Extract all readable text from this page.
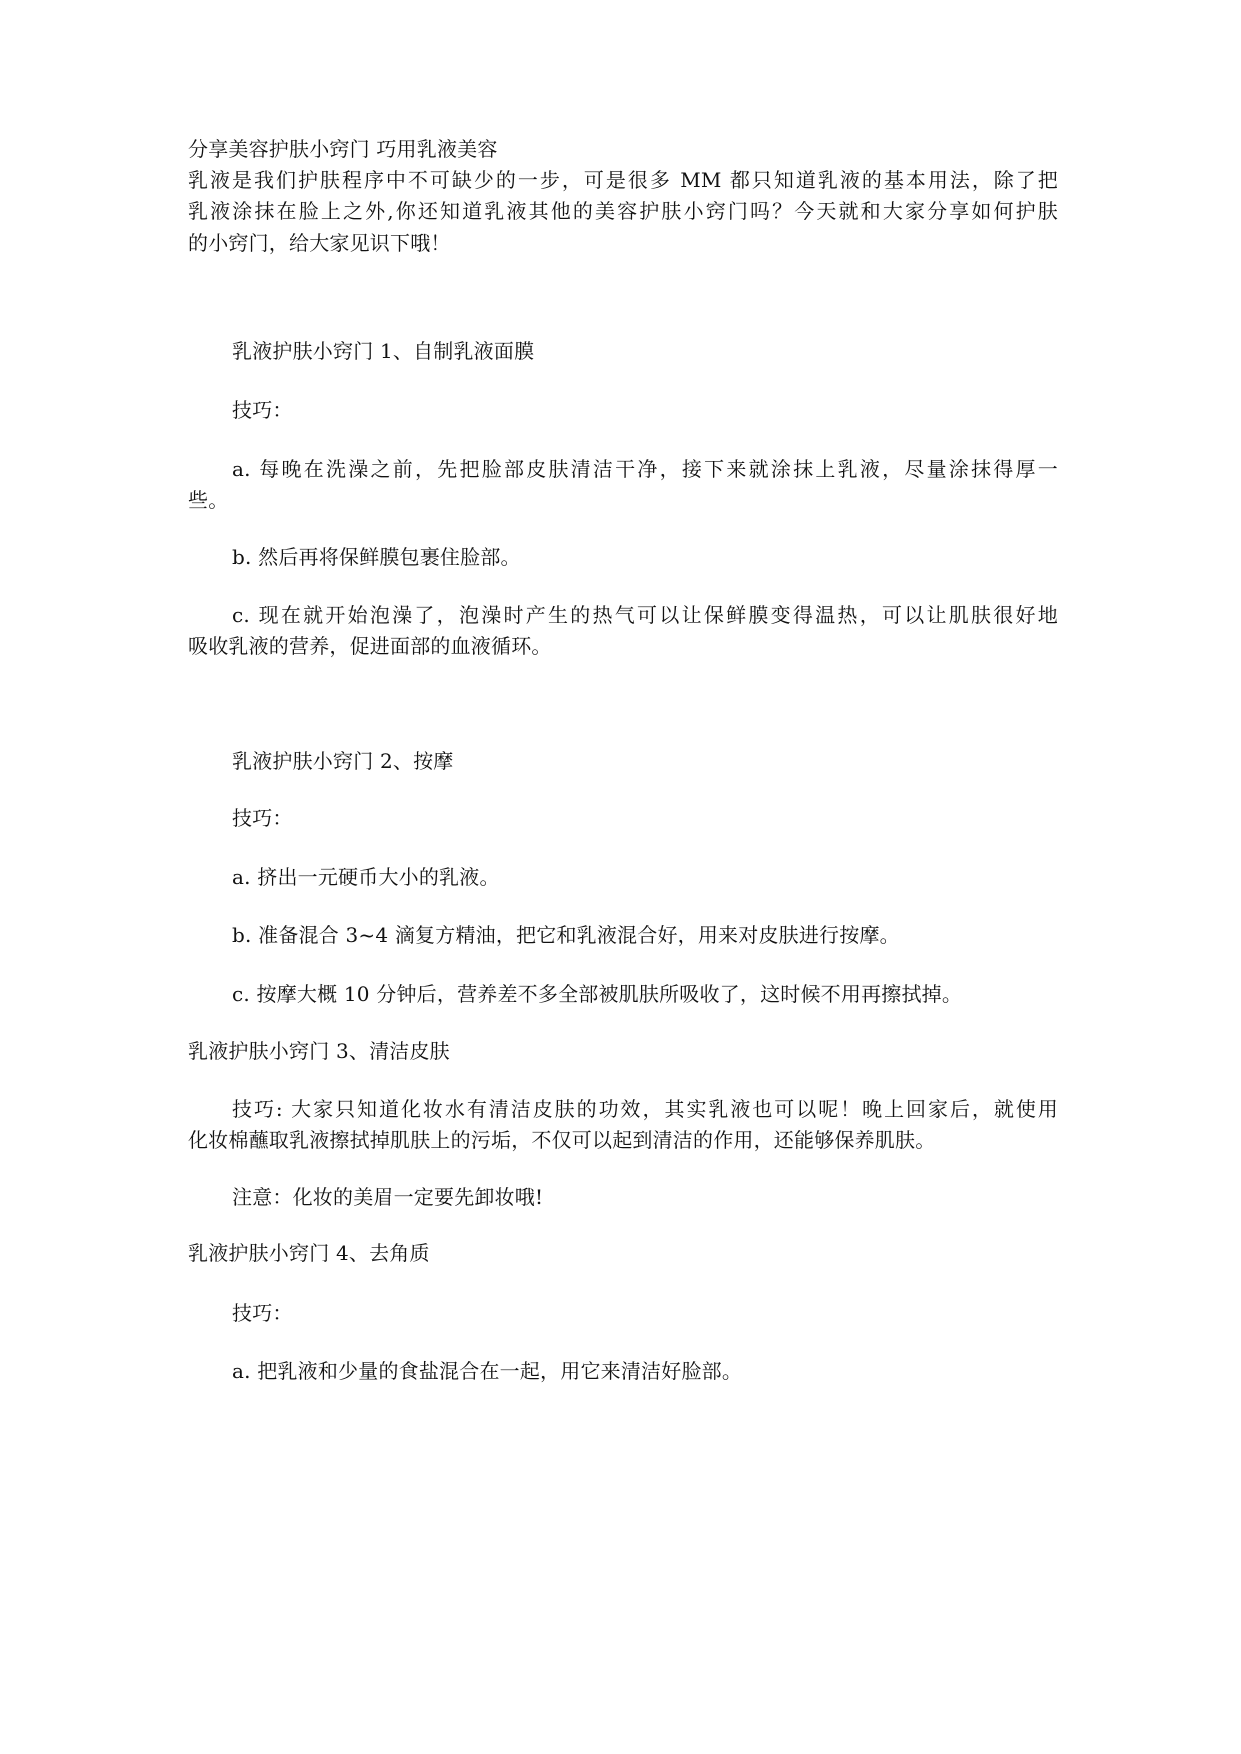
分享美容护肤小窍门 巧用乳液美容
乳液是我们护肤程序中不可缺少的一步，可是很多 MM 都只知道乳液的基本用法，除了把
乳液涂抹在脸上之外,你还知道乳液其他的美容护肤小窍门吗？今天就和大家分享如何护肤
的小窍门，给大家见识下哦！
乳液护肤小窍门 1、自制乳液面膜
技巧：
a. 每晚在洗澡之前，先把脸部皮肤清洁干净，接下来就涂抹上乳液，尽量涂抹得厚一
些。
b. 然后再将保鲜膜包裹住脸部。
c. 现在就开始泡澡了，泡澡时产生的热气可以让保鲜膜变得温热，可以让肌肤很好地
吸收乳液的营养，促进面部的血液循环。
乳液护肤小窍门 2、按摩
技巧：
a. 挤出一元硬币大小的乳液。
b. 准备混合 3~4 滴复方精油，把它和乳液混合好，用来对皮肤进行按摩。
c. 按摩大概 10 分钟后，营养差不多全部被肌肤所吸收了，这时候不用再擦拭掉。
乳液护肤小窍门 3、清洁皮肤
技巧: 大家只知道化妆水有清洁皮肤的功效，其实乳液也可以呢！晚上回家后，就使用
化妆棉蘸取乳液擦拭掉肌肤上的污垢，不仅可以起到清洁的作用，还能够保养肌肤。
注意：化妆的美眉一定要先卸妆哦!
乳液护肤小窍门 4、去角质
技巧：
a. 把乳液和少量的食盐混合在一起，用它来清洁好脸部。
